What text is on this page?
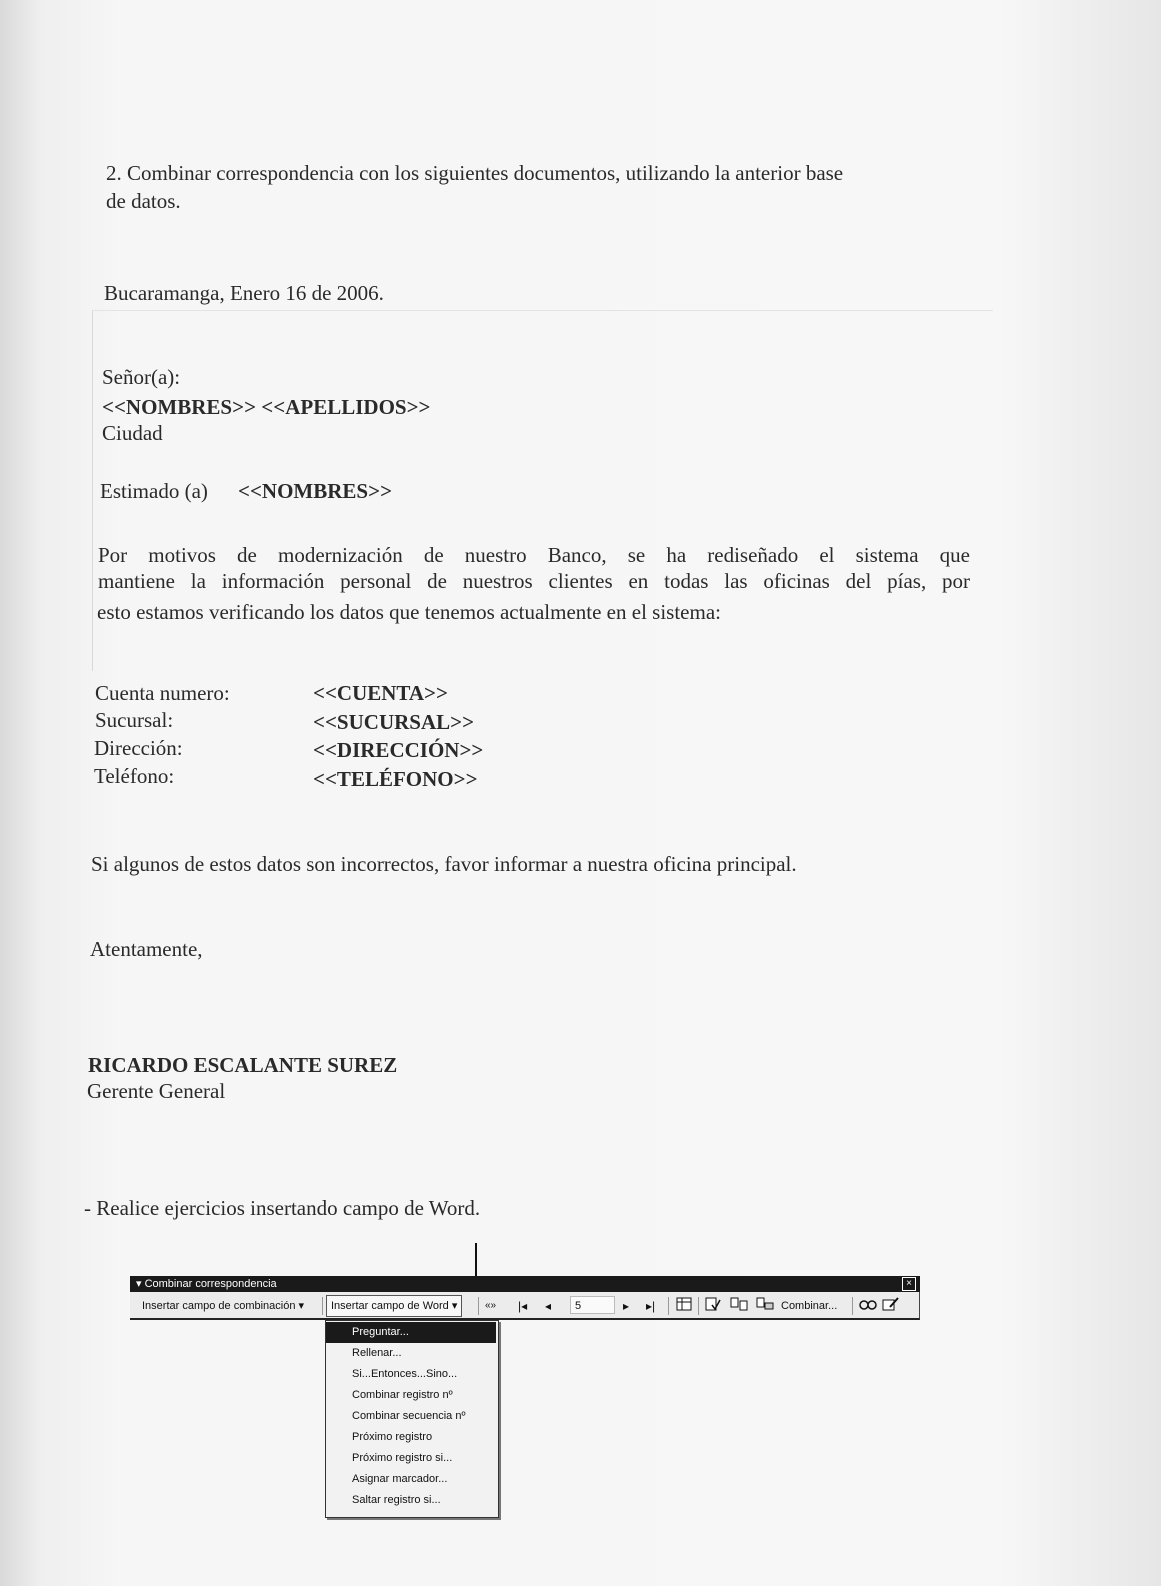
2. Combinar correspondencia con los siguientes documentos, utilizando la anterior base
de datos.
Bucaramanga, Enero 16 de 2006.
Señor(a):
<<NOMBRES>> <<APELLIDOS>>
Ciudad
Estimado (a) <<NOMBRES>>
Por motivos de modernización de nuestro Banco, se ha rediseñado el sistema que
mantiene la información personal de nuestros clientes en todas las oficinas del pías, por
esto estamos verificando los datos que tenemos actualmente en el sistema:
Cuenta numero:	<<CUENTA>>
Sucursal:	<<SUCURSAL>>
Dirección:	<<DIRECCIÓN>>
Teléfono:	<<TELÉFONO>>
Si algunos de estos datos son incorrectos, favor informar a nuestra oficina principal.
Atentamente,
RICARDO ESCALANTE SUREZ
Gerente General
- Realice ejercicios insertando campo de Word.
▾ Combinar correspondencia	×
Insertar campo de combinación ▾	Insertar campo de Word ▾	«» |◂ ◂	5	▸ ▸|	Combinar...
Preguntar...
Rellenar...
Si...Entonces...Sino...
Combinar registro nº
Combinar secuencia nº
Próximo registro
Próximo registro si...
Asignar marcador...
Saltar registro si...
